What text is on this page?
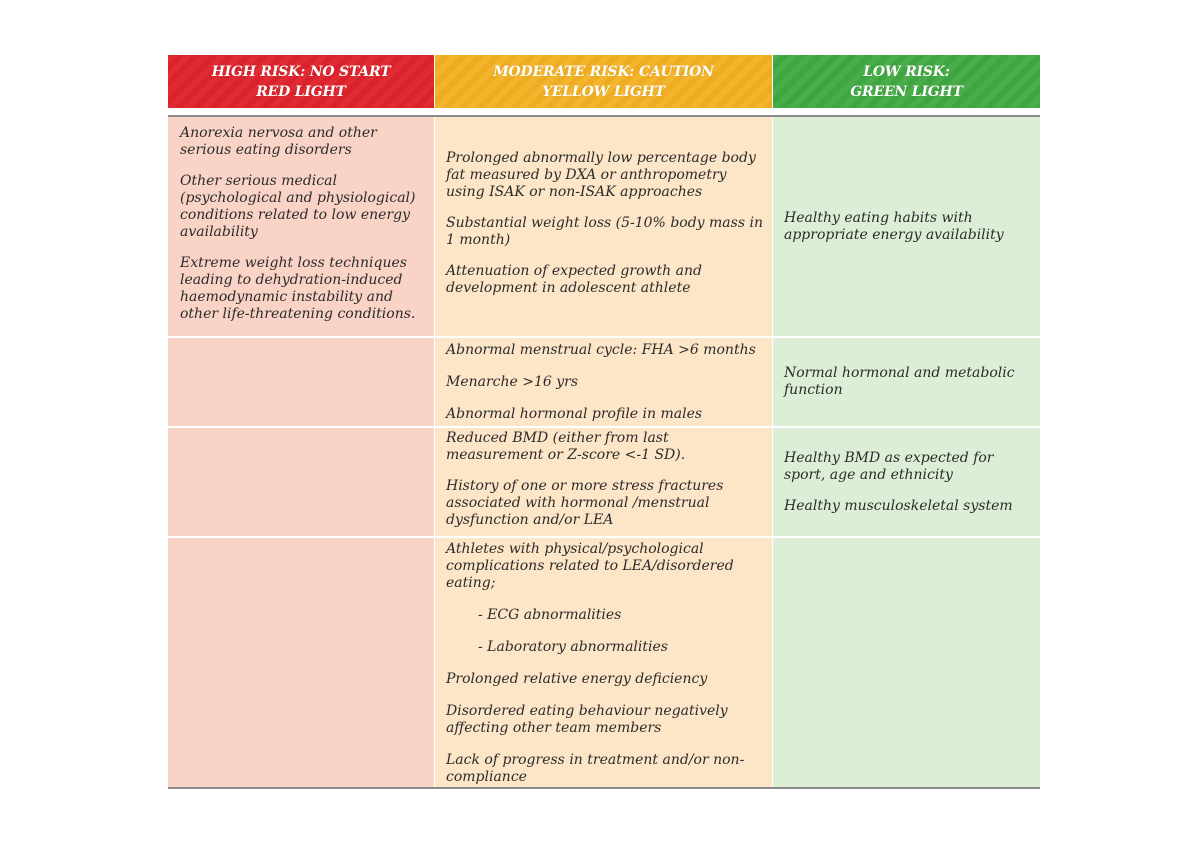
HIGH RISK: NO START
RED LIGHT
MODERATE RISK: CAUTION
YELLOW LIGHT
LOW RISK:
GREEN LIGHT

Anorexia nervosa and other serious eating disorders

Other serious medical (psychological and physiological) conditions related to low energy availability

Extreme weight loss techniques leading to dehydration-induced haemodynamic instability and other life-threatening conditions.

Prolonged abnormally low percentage body fat measured by DXA or anthropometry using ISAK or non-ISAK approaches

Substantial weight loss (5-10% body mass in 1 month)

Attenuation of expected growth and development in adolescent athlete

Healthy eating habits with appropriate energy availability

Abnormal menstrual cycle: FHA >6 months

Menarche >16 yrs

Abnormal hormonal profile in males

Normal hormonal and metabolic function

Reduced BMD (either from last measurement or Z-score <-1 SD).

History of one or more stress fractures associated with hormonal /menstrual dysfunction and/or LEA

Healthy BMD as expected for sport, age and ethnicity

Healthy musculoskeletal system

Athletes with physical/psychological complications related to LEA/disordered eating;

- ECG abnormalities

- Laboratory abnormalities

Prolonged relative energy deficiency

Disordered eating behaviour negatively affecting other team members

Lack of progress in treatment and/or non-compliance
